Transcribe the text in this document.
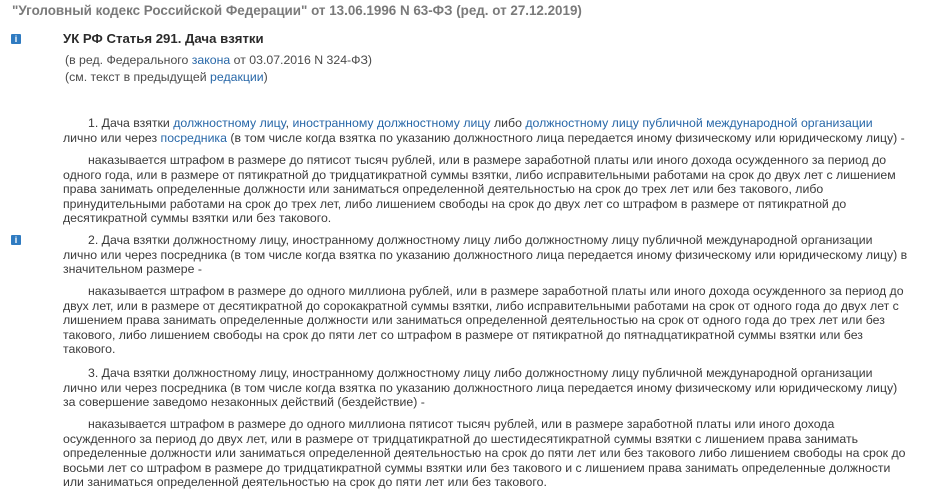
"Уголовный кодекс Российской Федерации" от 13.06.1996 N 63-ФЗ (ред. от 27.12.2019)
i	УК РФ Статья 291. Дача взятки
(в ред. Федерального закона от 03.07.2016 N 324-ФЗ)
(см. текст в предыдущей редакции)
1. Дача взятки должностному лицу, иностранному должностному лицу либо должностному лицу публичной международной организации
лично или через посредника (в том числе когда взятка по указанию должностного лица передается иному физическому или юридическому лицу) -
наказывается штрафом в размере до пятисот тысяч рублей, или в размере заработной платы или иного дохода осужденного за период до
одного года, или в размере от пятикратной до тридцатикратной суммы взятки, либо исправительными работами на срок до двух лет с лишением
права занимать определенные должности или заниматься определенной деятельностью на срок до трех лет или без такового, либо
принудительными работами на срок до трех лет, либо лишением свободы на срок до двух лет со штрафом в размере от пятикратной до
десятикратной суммы взятки или без такового.
i	2. Дача взятки должностному лицу, иностранному должностному лицу либо должностному лицу публичной международной организации
лично или через посредника (в том числе когда взятка по указанию должностного лица передается иному физическому или юридическому лицу) в
значительном размере -
наказывается штрафом в размере до одного миллиона рублей, или в размере заработной платы или иного дохода осужденного за период до
двух лет, или в размере от десятикратной до сорокакратной суммы взятки, либо исправительными работами на срок от одного года до двух лет с
лишением права занимать определенные должности или заниматься определенной деятельностью на срок от одного года до трех лет или без
такового, либо лишением свободы на срок до пяти лет со штрафом в размере от пятикратной до пятнадцатикратной суммы взятки или без
такового.
3. Дача взятки должностному лицу, иностранному должностному лицу либо должностному лицу публичной международной организации
лично или через посредника (в том числе когда взятка по указанию должностного лица передается иному физическому или юридическому лицу)
за совершение заведомо незаконных действий (бездействие) -
наказывается штрафом в размере до одного миллиона пятисот тысяч рублей, или в размере заработной платы или иного дохода
осужденного за период до двух лет, или в размере от тридцатикратной до шестидесятикратной суммы взятки с лишением права занимать
определенные должности или заниматься определенной деятельностью на срок до пяти лет или без такового либо лишением свободы на срок до
восьми лет со штрафом в размере до тридцатикратной суммы взятки или без такового и с лишением права занимать определенные должности
или заниматься определенной деятельностью на срок до пяти лет или без такового.
